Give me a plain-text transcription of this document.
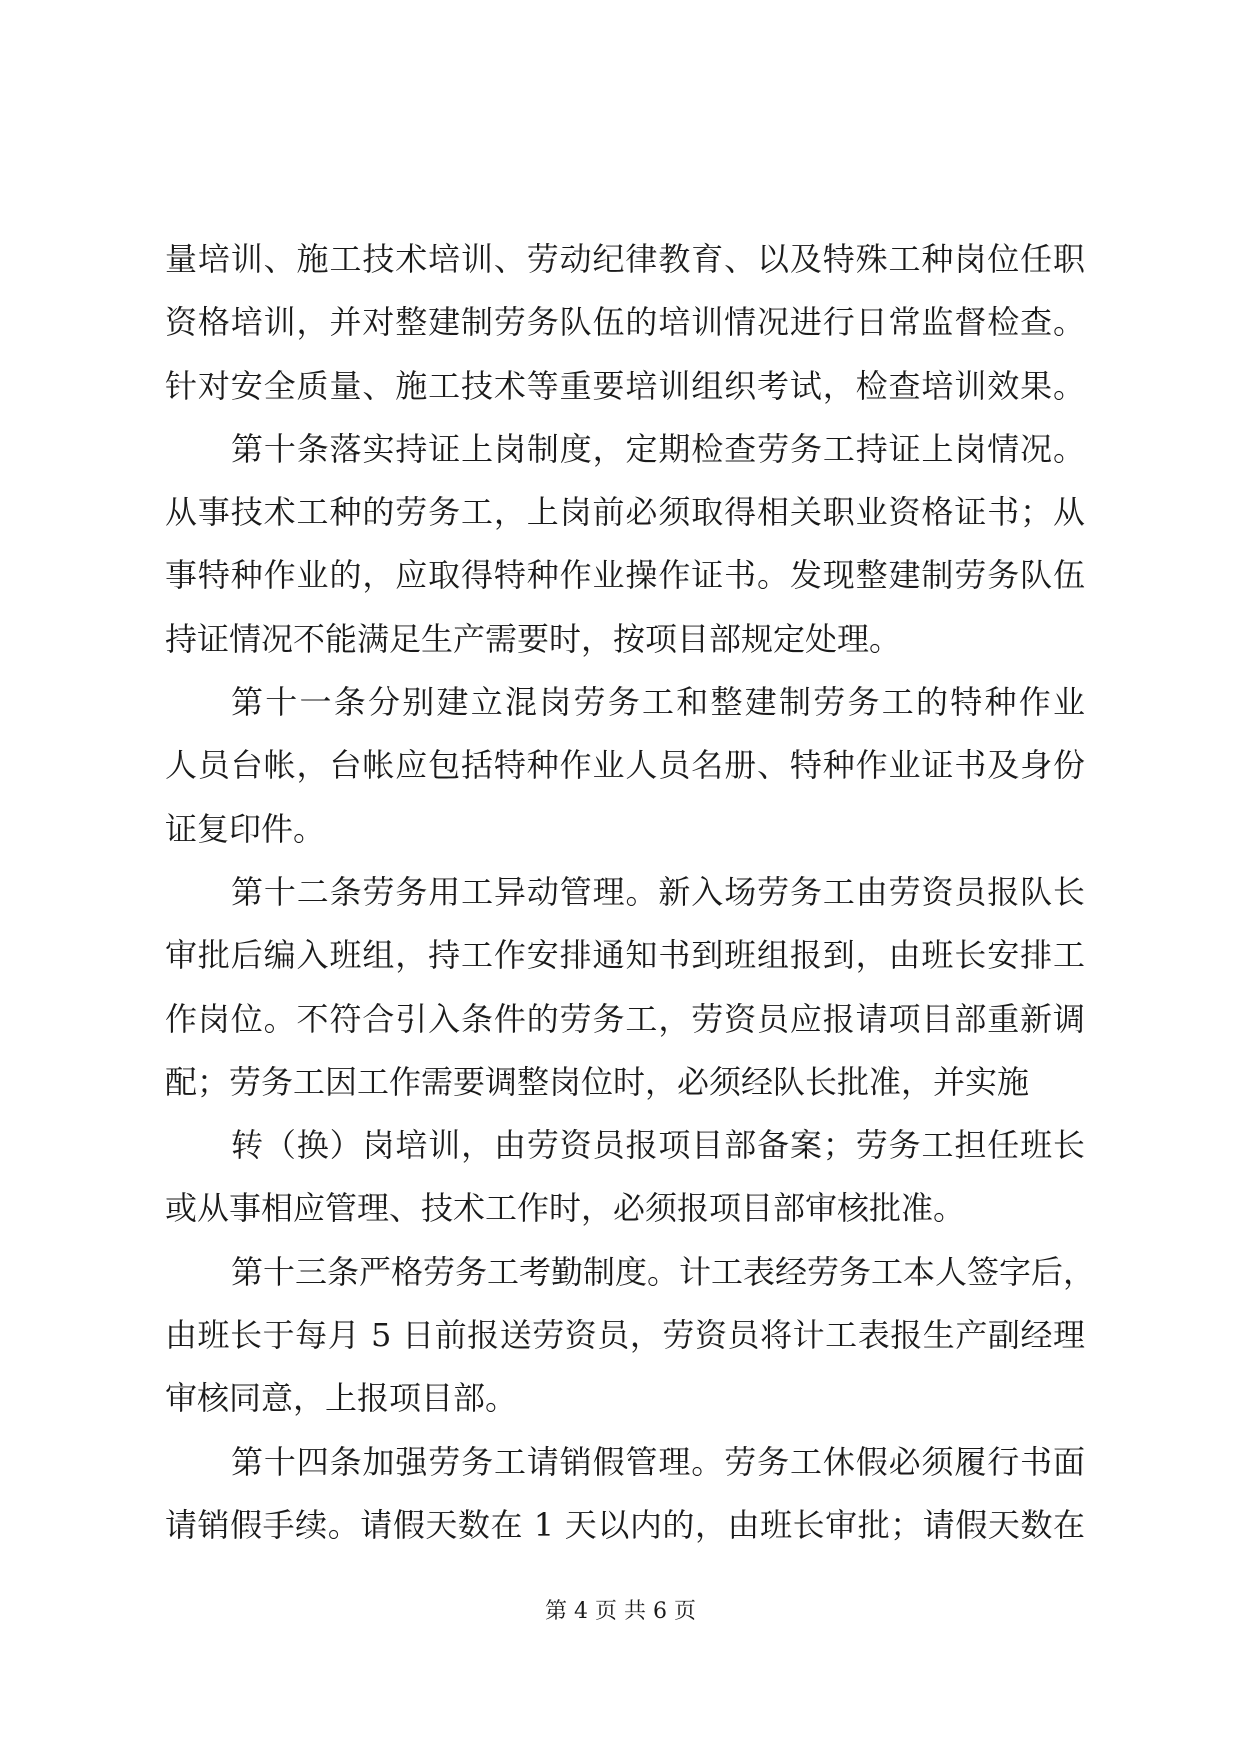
量培训、施工技术培训、劳动纪律教育、以及特殊工种岗位任职
资格培训，并对整建制劳务队伍的培训情况进行日常监督检查。
针对安全质量、施工技术等重要培训组织考试，检查培训效果。
第十条落实持证上岗制度，定期检查劳务工持证上岗情况。
从事技术工种的劳务工，上岗前必须取得相关职业资格证书；从
事特种作业的，应取得特种作业操作证书。发现整建制劳务队伍
持证情况不能满足生产需要时，按项目部规定处理。
第十一条分别建立混岗劳务工和整建制劳务工的特种作业
人员台帐，台帐应包括特种作业人员名册、特种作业证书及身份
证复印件。
第十二条劳务用工异动管理。新入场劳务工由劳资员报队长
审批后编入班组，持工作安排通知书到班组报到，由班长安排工
作岗位。不符合引入条件的劳务工，劳资员应报请项目部重新调
配；劳务工因工作需要调整岗位时，必须经队长批准，并实施
转（换）岗培训，由劳资员报项目部备案；劳务工担任班长
或从事相应管理、技术工作时，必须报项目部审核批准。
第十三条严格劳务工考勤制度。计工表经劳务工本人签字后，
由班长于每月 5 日前报送劳资员，劳资员将计工表报生产副经理
审核同意，上报项目部。
第十四条加强劳务工请销假管理。劳务工休假必须履行书面
请销假手续。请假天数在 1 天以内的，由班长审批；请假天数在
第 4 页 共 6 页
